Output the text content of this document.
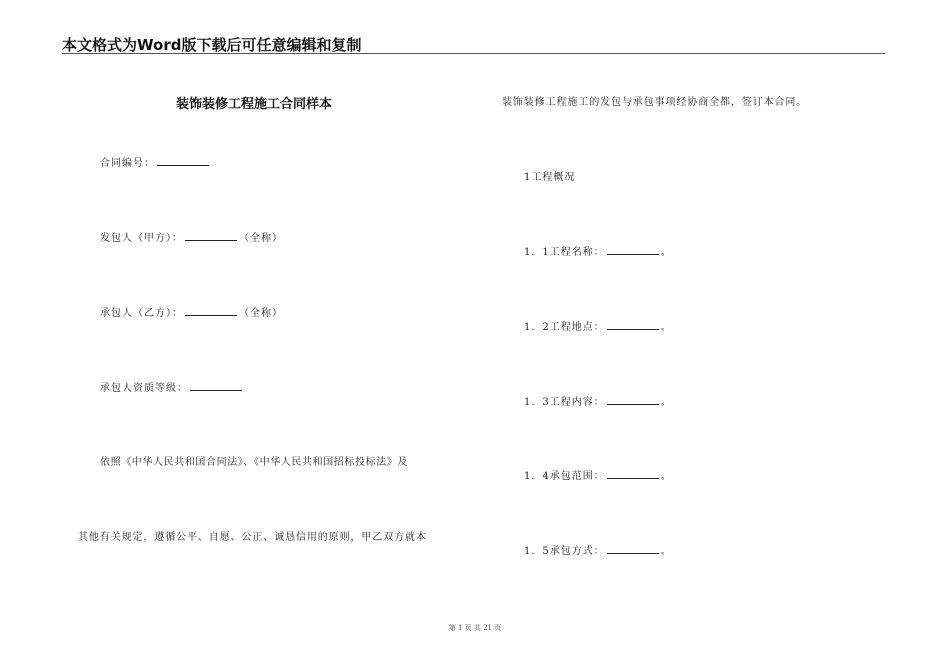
本文格式为Word版下载后可任意编辑和复制
装饰装修工程施工合同样本
合同编号：
发包人（甲方）：	（全称）
承包人（乙方）：	（全称）
承包人资质等级：
依照《中华人民共和国合同法》、《中华人民共和国招标投标法》及
其他有关规定，遵循公平、自愿、公正、诚恳信用的原则，甲乙双方就本
装饰装修工程施工的发包与承包事项经协商全都，签订本合同。
1工程概况
1．1工程名称：	。
1．2工程地点：	。
1．3工程内容：	。
1．4承包范围：	。
1．5承包方式：	。
第 1 页 共 21 页
